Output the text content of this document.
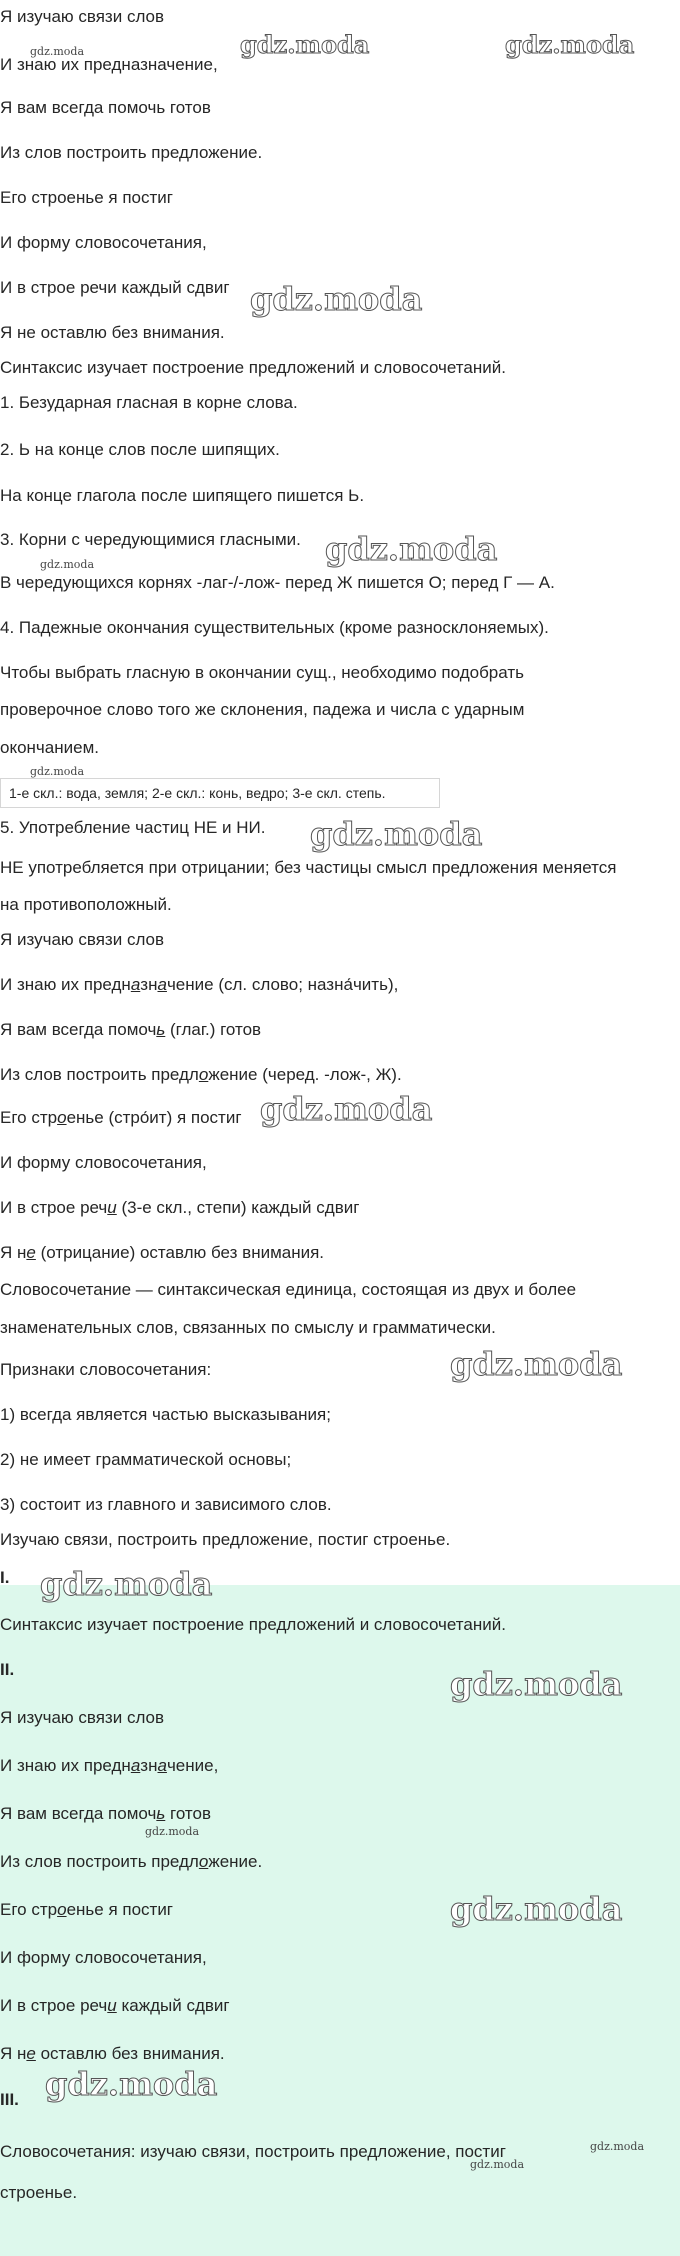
Я изучаю связи слов
И знаю их предназначение,
Я вам всегда помочь готов
Из слов построить предложение.
Его строенье я постиг
И форму словосочетания,
И в строе речи каждый сдвиг
Я не оставлю без внимания.
Синтаксис изучает построение предложений и словосочетаний.
1. Безударная гласная в корне слова.
2. Ь на конце слов после шипящих.
На конце глагола после шипящего пишется Ь.
3. Корни с чередующимися гласными.
В чередующихся корнях -лаг-/-лож- перед Ж пишется О; перед Г — А.
4. Падежные окончания существительных (кроме разносклоняемых).
Чтобы выбрать гласную в окончании сущ., необходимо подобрать
проверочное слово того же склонения, падежа и числа с ударным
окончанием.
1-е скл.: вода, земля; 2-е скл.: конь, ведро; 3-е скл. степь.
5. Употребление частиц НЕ и НИ.
НЕ употребляется при отрицании; без частицы смысл предложения меняется
на противоположный.
Я изучаю связи слов
И знаю их предназначение (сл. слово; назна́чить),
Я вам всегда помочь (глаг.) готов
Из слов построить предложение (черед. -лож-, Ж).
Его строенье (стро́ит) я постиг
И форму словосочетания,
И в строе речи (3-е скл., степи) каждый сдвиг
Я не (отрицание) оставлю без внимания.
Словосочетание — синтаксическая единица, состоящая из двух и более
знаменательных слов, связанных по смыслу и грамматически.
Признаки словосочетания:
1) всегда является частью высказывания;
2) не имеет грамматической основы;
3) состоит из главного и зависимого слов.
Изучаю связи, построить предложение, постиг строенье.
I.
Синтаксис изучает построение предложений и словосочетаний.
II.
Я изучаю связи слов
И знаю их предназначение,
Я вам всегда помочь готов
Из слов построить предложение.
Его строенье я постиг
И форму словосочетания,
И в строе речи каждый сдвиг
Я не оставлю без внимания.
III.
Словосочетания: изучаю связи, построить предложение, постиг
строенье.
gdz.moda	gdz.moda
gdz.moda
gdz.moda
gdz.moda
gdz.moda
gdz.moda
gdz.moda
gdz.moda
gdz.moda
gdz.moda
gdz.moda
gdz.moda
gdz.moda
gdz.moda
gdz.moda
gdz.moda
